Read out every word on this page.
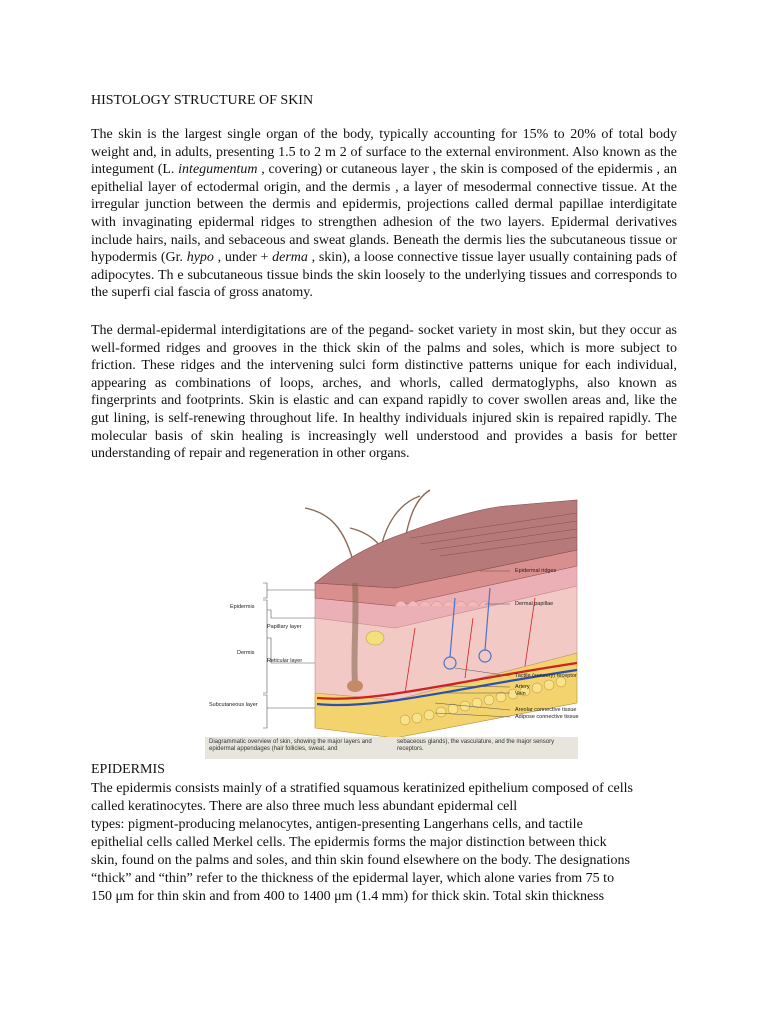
HISTOLOGY STRUCTURE OF SKIN

The skin is the largest single organ of the body, typically accounting for 15% to 20% of total body weight and, in adults, presenting 1.5 to 2 m 2 of surface to the external environment. Also known as the integument (L. integumentum , covering) or cutaneous layer , the skin is composed of the epidermis , an epithelial layer of ectodermal origin, and the dermis , a layer of mesodermal connective tissue. At the irregular junction between the dermis and epidermis, projections called dermal papillae interdigitate with invaginating epidermal ridges to strengthen adhesion of the two layers. Epidermal derivatives include hairs, nails, and sebaceous and sweat glands. Beneath the dermis lies the subcutaneous tissue or hypodermis (Gr. hypo , under + derma , skin), a loose connective tissue layer usually containing pads of adipocytes. Th e subcutaneous tissue binds the skin loosely to the underlying tissues and corresponds to the superfi cial fascia of gross anatomy.

The dermal-epidermal interdigitations are of the pegand- socket variety in most skin, but they occur as well-formed ridges and grooves in the thick skin of the palms and soles, which is more subject to friction. These ridges and the intervening sulci form distinctive patterns unique for each individual, appearing as combinations of loops, arches, and whorls, called dermatoglyphs, also known as fingerprints and footprints. Skin is elastic and can expand rapidly to cover swollen areas and, like the gut lining, is self-renewing throughout life. In healthy individuals injured skin is repaired rapidly. The molecular basis of skin healing is increasingly well understood and provides a basis for better understanding of repair and regeneration in other organs.

Epidermis
Papillary layer
Dermis
Reticular layer
Subcutaneous layer
Epidermal ridges
Dermal papillae
Tactile (sensory) receptor
Artery
Vein
Areolar connective tissue
Adipose connective tissue
Diagrammatic overview of skin, showing the major layers and epidermal appendages (hair follicles, sweat, and
sebaceous glands), the vasculature, and the major sensory receptors.
EPIDERMIS

The epidermis consists mainly of a stratified squamous keratinized epithelium composed of cells
called keratinocytes. There are also three much less abundant epidermal cell
types: pigment-producing melanocytes, antigen-presenting Langerhans cells, and tactile
epithelial cells called Merkel cells. The epidermis forms the major distinction between thick
skin, found on the palms and soles, and thin skin found elsewhere on the body. The designations
“thick” and “thin” refer to the thickness of the epidermal layer, which alone varies from 75 to
150 μm for thin skin and from 400 to 1400 μm (1.4 mm) for thick skin. Total skin thickness
